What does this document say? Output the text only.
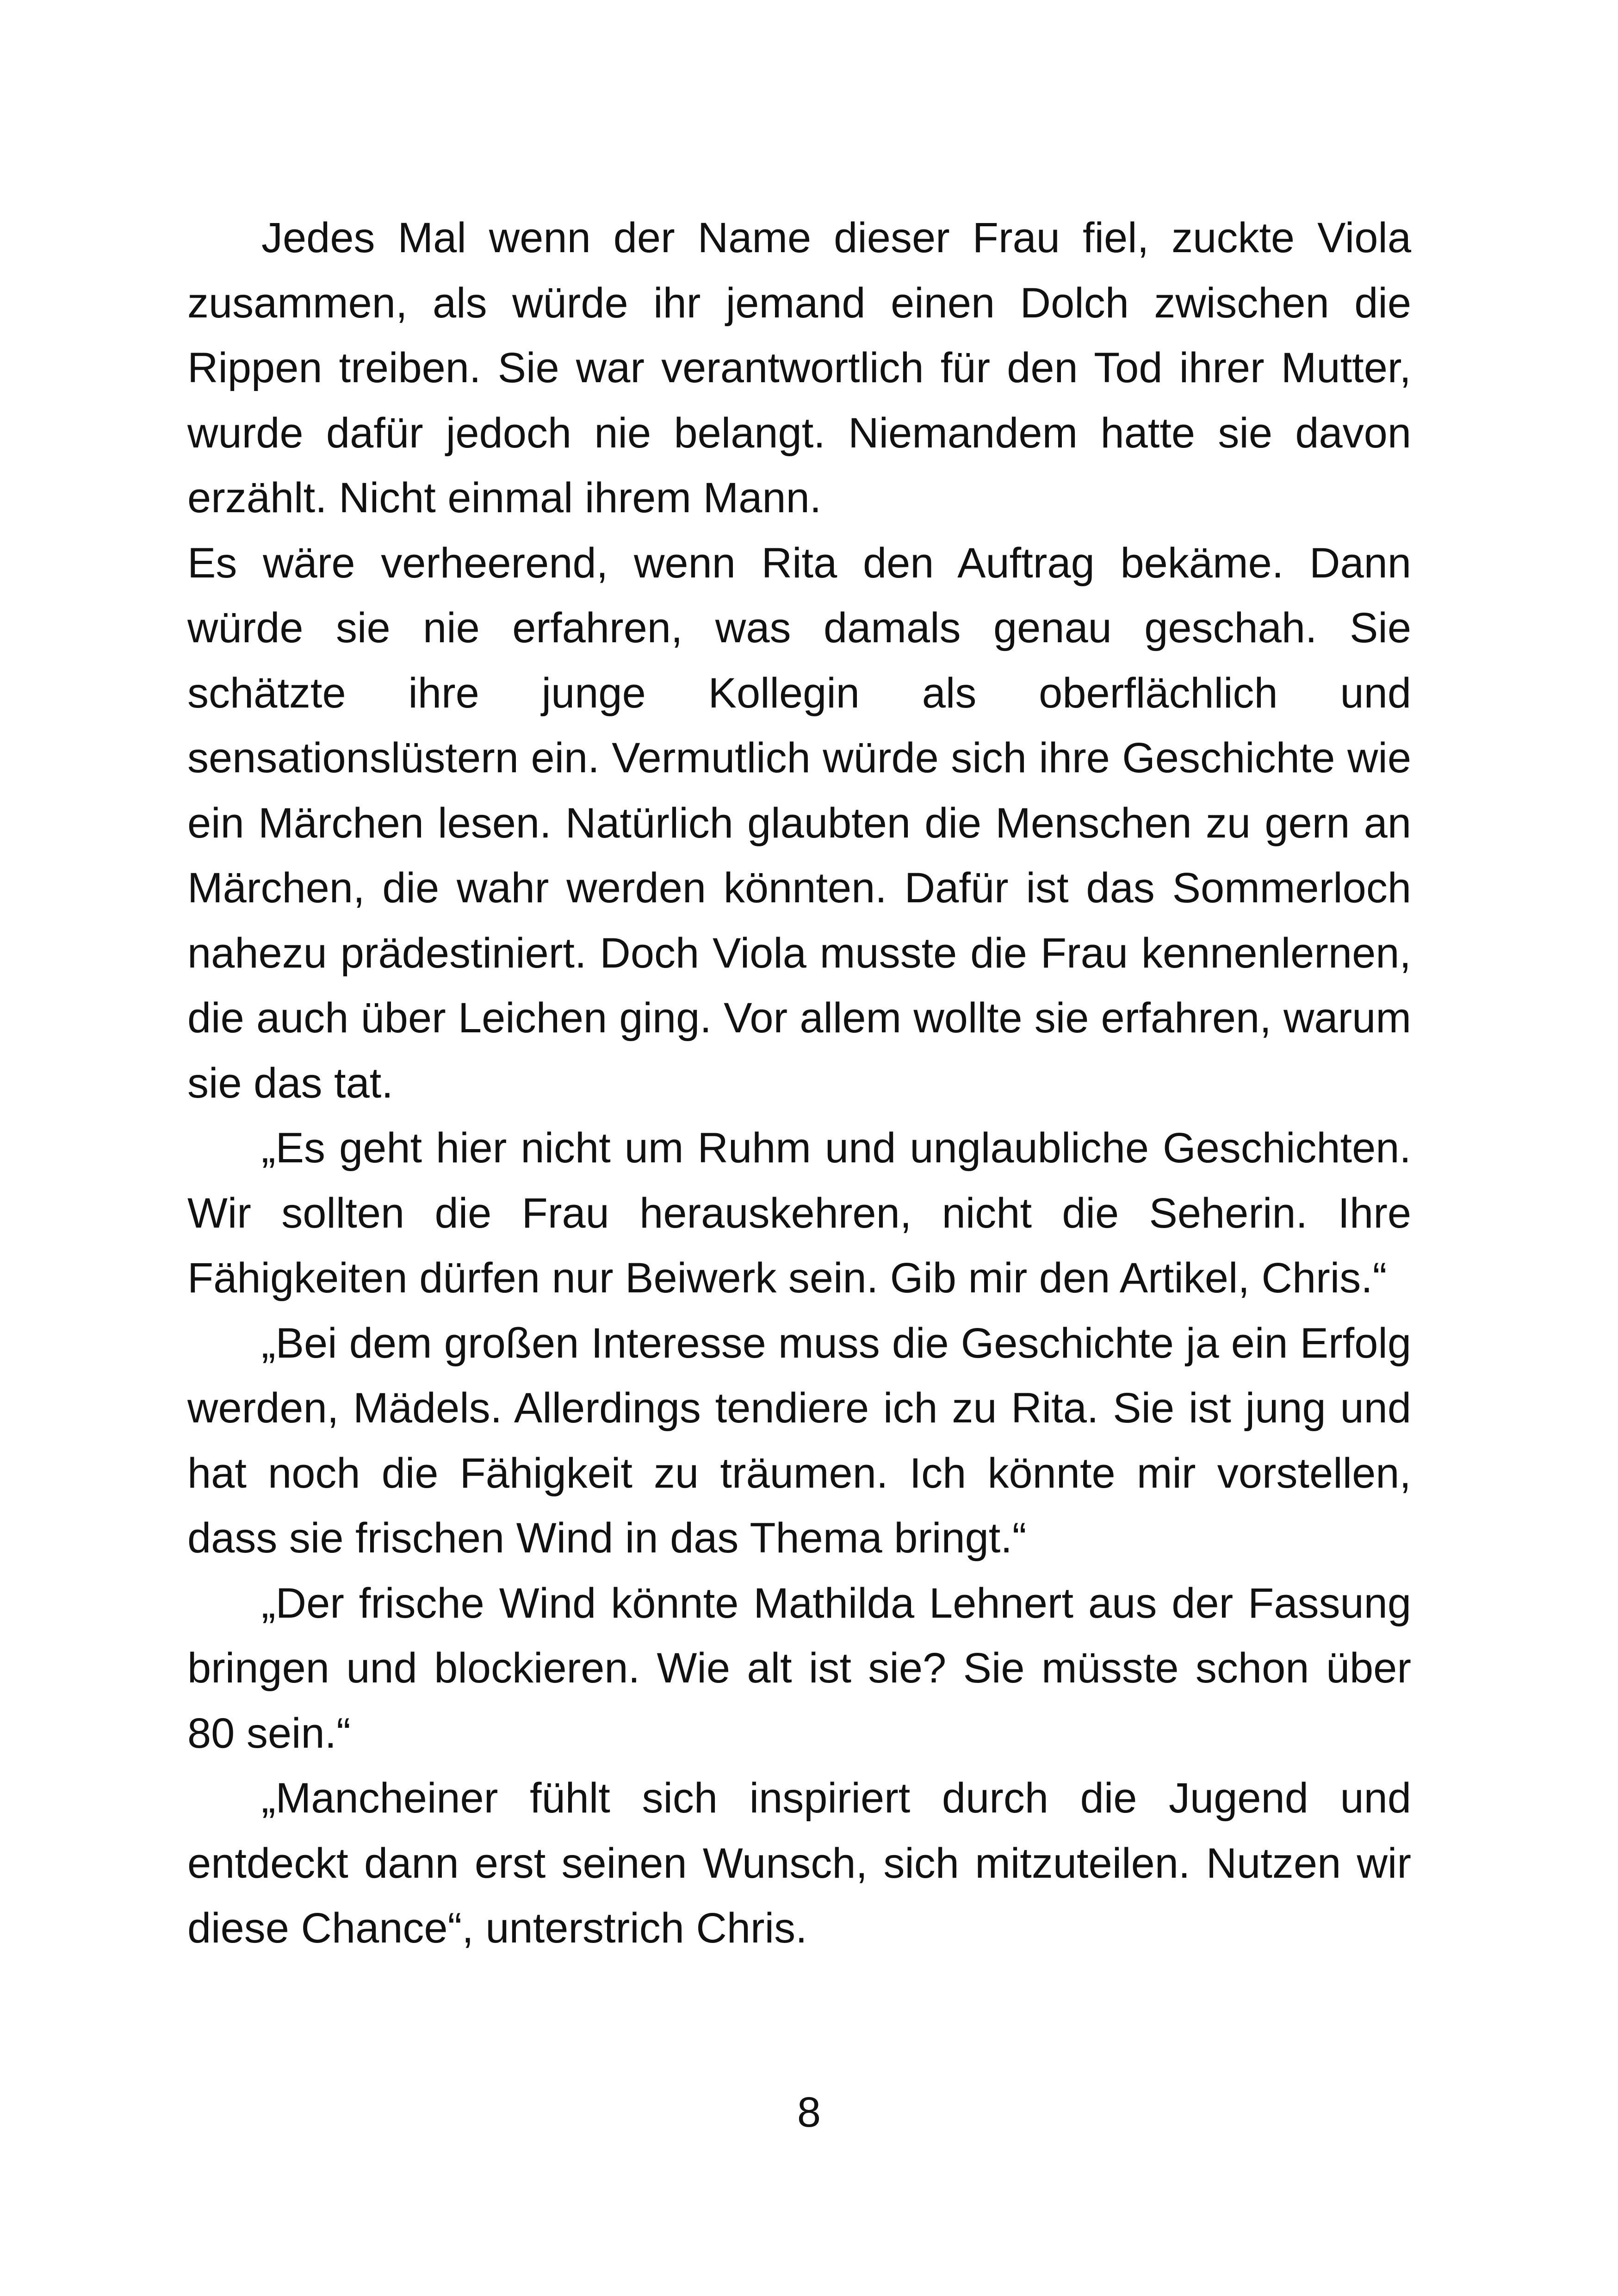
Jedes Mal wenn der Name dieser Frau fiel, zuckte Viola zusammen, als würde ihr jemand einen Dolch zwischen die Rippen treiben. Sie war verantwortlich für den Tod ihrer Mutter, wurde dafür jedoch nie belangt. Niemandem hatte sie davon erzählt. Nicht einmal ihrem Mann.

Es wäre verheerend, wenn Rita den Auftrag bekäme. Dann würde sie nie erfahren, was damals genau geschah. Sie schätzte ihre junge Kollegin als oberflächlich und sensationslüstern ein. Vermutlich würde sich ihre Geschichte wie ein Märchen lesen. Natürlich glaubten die Menschen zu gern an Märchen, die wahr werden könnten. Dafür ist das Sommerloch nahezu prädestiniert. Doch Viola musste die Frau kennenlernen, die auch über Leichen ging. Vor allem wollte sie erfahren, warum sie das tat.

„Es geht hier nicht um Ruhm und unglaubliche Geschichten. Wir sollten die Frau herauskehren, nicht die Seherin. Ihre Fähigkeiten dürfen nur Beiwerk sein. Gib mir den Artikel, Chris.“

„Bei dem großen Interesse muss die Geschichte ja ein Erfolg werden, Mädels. Allerdings tendiere ich zu Rita. Sie ist jung und hat noch die Fähigkeit zu träumen. Ich könnte mir vorstellen, dass sie frischen Wind in das Thema bringt.“

„Der frische Wind könnte Mathilda Lehnert aus der Fassung bringen und blockieren. Wie alt ist sie? Sie müsste schon über 80 sein.“

„Mancheiner fühlt sich inspiriert durch die Jugend und entdeckt dann erst seinen Wunsch, sich mitzuteilen. Nutzen wir diese Chance“, unterstrich Chris.

8
